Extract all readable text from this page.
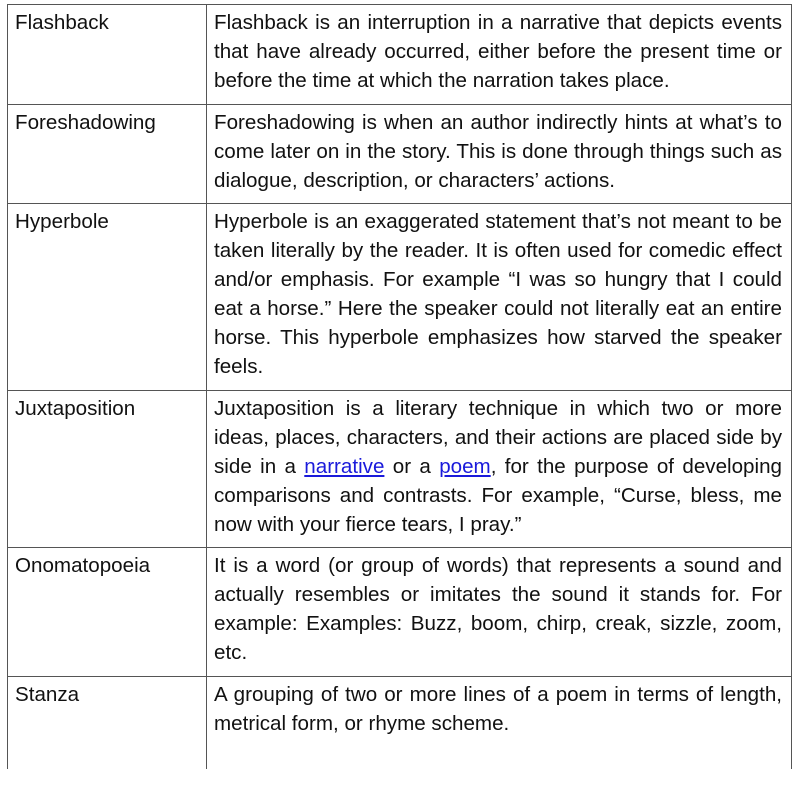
Flashback	Flashback is an interruption in a narrative that depicts events that have already occurred, either before the present time or before the time at which the narration takes place.
Foreshadowing	Foreshadowing is when an author indirectly hints at what’s to come later on in the story. This is done through things such as dialogue, description, or characters’ actions.
Hyperbole	Hyperbole is an exaggerated statement that’s not meant to be taken literally by the reader. It is often used for comedic effect and/or emphasis. For example “I was so hungry that I could eat a horse.” Here the speaker could not literally eat an entire horse. This hyperbole emphasizes how starved the speaker feels.
Juxtaposition	Juxtaposition is a literary technique in which two or more ideas, places, characters, and their actions are placed side by side in a narrative or a poem, for the purpose of developing comparisons and contrasts. For example, “Curse, bless, me now with your fierce tears, I pray.”
Onomatopoeia	It is a word (or group of words) that represents a sound and actually resembles or imitates the sound it stands for. For example: Examples: Buzz, boom, chirp, creak, sizzle, zoom, etc.
Stanza	A grouping of two or more lines of a poem in terms of length, metrical form, or rhyme scheme.
